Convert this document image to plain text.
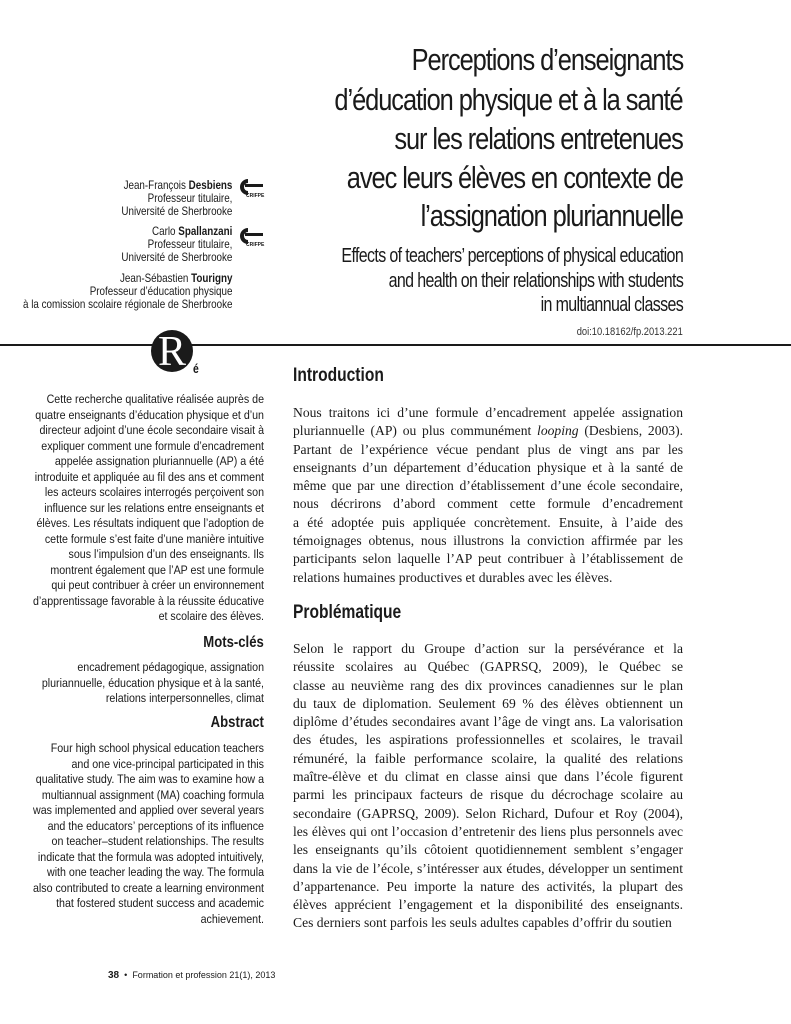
Perceptions d’enseignants
d’éducation physique et à la santé
sur les relations entretenues
avec leurs élèves en contexte de
l’assignation pluriannuelle
Effects of teachers’ perceptions of physical education
and health on their relationships with students
in multiannual classes
doi:10.18162/fp.2013.221
Jean-François Desbiens
Professeur titulaire,
Université de Sherbrooke
CRIFPE
Carlo Spallanzani
Professeur titulaire,
Université de Sherbrooke
CRIFPE
Jean-Sébastien Tourigny
Professeur d’éducation physique
à la comission scolaire régionale de Sherbrooke
R é
Cette recherche qualitative réalisée auprès de
quatre enseignants d’éducation physique et d’un
directeur adjoint d’une école secondaire visait à
expliquer comment une formule d’encadrement
appelée assignation pluriannuelle (AP) a été
introduite et appliquée au fil des ans et comment
les acteurs scolaires interrogés perçoivent son
influence sur les relations entre enseignants et
élèves. Les résultats indiquent que l’adoption de
cette formule s’est faite d’une manière intuitive
sous l’impulsion d’un des enseignants. Ils
montrent également que l’AP est une formule
qui peut contribuer à créer un environnement
d’apprentissage favorable à la réussite éducative
et scolaire des élèves.
Mots-clés
encadrement pédagogique, assignation
pluriannuelle, éducation physique et à la santé,
relations interpersonnelles, climat
Abstract
Four high school physical education teachers
and one vice-principal participated in this
qualitative study. The aim was to examine how a
multiannual assignment (MA) coaching formula
was implemented and applied over several years
and the educators’ perceptions of its influence
on teacher–student relationships. The results
indicate that the formula was adopted intuitively,
with one teacher leading the way. The formula
also contributed to create a learning environment
that fostered student success and academic
achievement.
Introduction
Nous traitons ici d’une formule d’encadrement appelée assignation
pluriannuelle (AP) ou plus communément looping (Desbiens, 2003).
Partant de l’expérience vécue pendant plus de vingt ans par les
enseignants d’un département d’éducation physique et à la santé de
même que par une direction d’établissement d’une école secondaire,
nous décrirons d’abord comment cette formule d’encadrement
a été adoptée puis appliquée concrètement. Ensuite, à l’aide des
témoignages obtenus, nous illustrons la conviction affirmée par les
participants selon laquelle l’AP peut contribuer à l’établissement de
relations humaines productives et durables avec les élèves.
Problématique
Selon le rapport du Groupe d’action sur la persévérance et la
réussite scolaires au Québec (GAPRSQ, 2009), le Québec se
classe au neuvième rang des dix provinces canadiennes sur le plan
du taux de diplomation. Seulement 69 % des élèves obtiennent un
diplôme d’études secondaires avant l’âge de vingt ans. La valorisation
des études, les aspirations professionnelles et scolaires, le travail
rémunéré, la faible performance scolaire, la qualité des relations
maître-élève et du climat en classe ainsi que dans l’école figurent
parmi les principaux facteurs de risque du décrochage scolaire au
secondaire (GAPRSQ, 2009). Selon Richard, Dufour et Roy (2004),
les élèves qui ont l’occasion d’entretenir des liens plus personnels avec
les enseignants qu’ils côtoient quotidiennement semblent s’engager
dans la vie de l’école, s’intéresser aux études, développer un sentiment
d’appartenance. Peu importe la nature des activités, la plupart des
élèves apprécient l’engagement et la disponibilité des enseignants.
Ces derniers sont parfois les seuls adultes capables d’offrir du soutien
38 • Formation et profession 21(1), 2013
